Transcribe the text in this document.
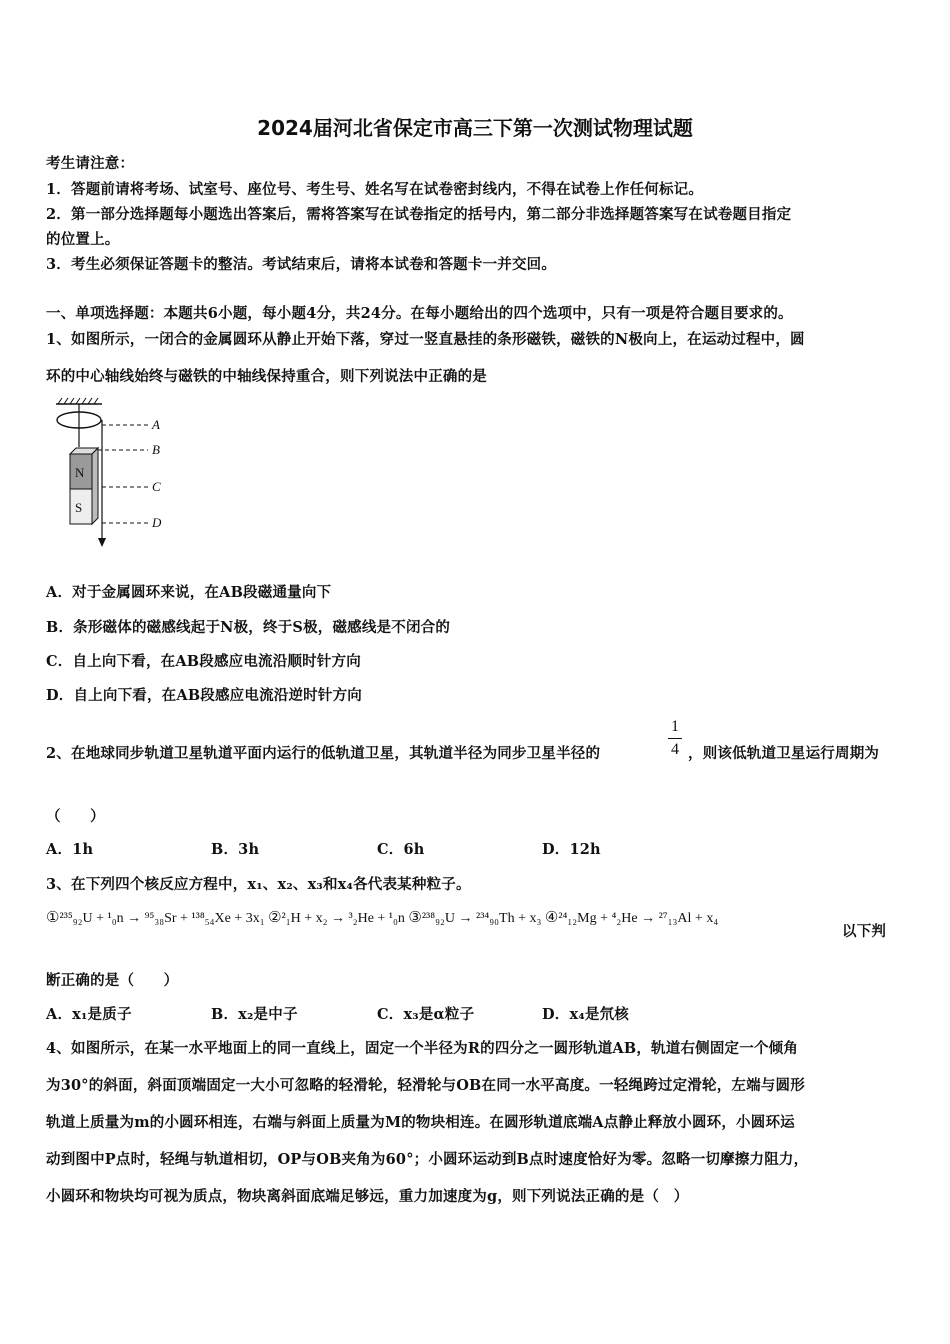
2024届河北省保定市高三下第一次测试物理试题
考生请注意：
1．答题前请将考场、试室号、座位号、考生号、姓名写在试卷密封线内，不得在试卷上作任何标记。
2．第一部分选择题每小题选出答案后，需将答案写在试卷指定的括号内，第二部分非选择题答案写在试卷题目指定
的位置上。
3．考生必须保证答题卡的整洁。考试结束后，请将本试卷和答题卡一并交回。
一、单项选择题：本题共6小题，每小题4分，共24分。在每小题给出的四个选项中，只有一项是符合题目要求的。
1、如图所示，一闭合的金属圆环从静止开始下落，穿过一竖直悬挂的条形磁铁，磁铁的N极向上，在运动过程中，圆
环的中心轴线始终与磁铁的中轴线保持重合，则下列说法中正确的是
N
S
A
B
C
D
A．对于金属圆环来说，在AB段磁通量向下
B．条形磁体的磁感线起于N极，终于S极，磁感线是不闭合的
C．自上向下看，在AB段感应电流沿顺时针方向
D．自上向下看，在AB段感应电流沿逆时针方向
2、在地球同步轨道卫星轨道平面内运行的低轨道卫星，其轨道半径为同步卫星半径的
1
4 ，则该低轨道卫星运行周期为
（　　）
A．1h	B．3h	C．6h	D．12h
3、在下列四个核反应方程中，x₁、x₂、x₃和x₄各代表某种粒子。
①²³⁵₉₂U + ¹₀n → ⁹⁵₃₈Sr + ¹³⁸₅₄Xe + 3x₁ ②²₁H + x₂ → ³₂He + ¹₀n ③²³⁸₉₂U → ²³⁴₉₀Th + x₃ ④²⁴₁₂Mg + ⁴₂He → ²⁷₁₃Al + x₄
以下判
断正确的是（　　）
A．x₁是质子	B．x₂是中子	C．x₃是α粒子	D．x₄是氘核
4、如图所示，在某一水平地面上的同一直线上，固定一个半径为R的四分之一圆形轨道AB，轨道右侧固定一个倾角
为30°的斜面，斜面顶端固定一大小可忽略的轻滑轮，轻滑轮与OB在同一水平高度。一轻绳跨过定滑轮，左端与圆形
轨道上质量为m的小圆环相连，右端与斜面上质量为M的物块相连。在圆形轨道底端A点静止释放小圆环，小圆环运
动到图中P点时，轻绳与轨道相切，OP与OB夹角为60°；小圆环运动到B点时速度恰好为零。忽略一切摩擦力阻力，
小圆环和物块均可视为质点，物块离斜面底端足够远，重力加速度为g，则下列说法正确的是（　）
